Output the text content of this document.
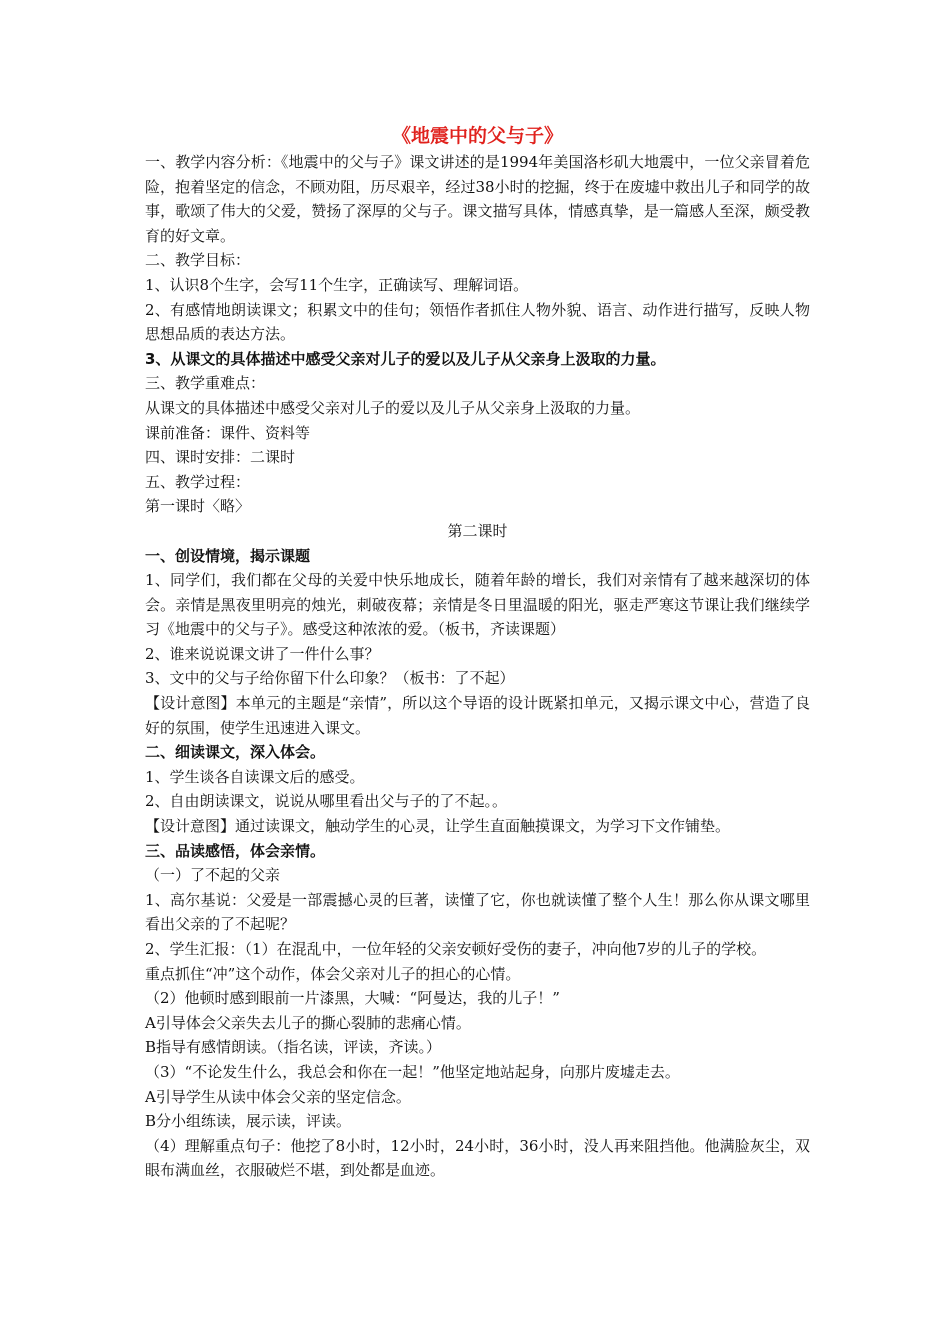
《地震中的父与子》

一、教学内容分析：《地震中的父与子》课文讲述的是1994年美国洛杉矶大地震中，一位父亲冒着危险，抱着坚定的信念，不顾劝阻，历尽艰辛，经过38小时的挖掘，终于在废墟中救出儿子和同学的故事，歌颂了伟大的父爱，赞扬了深厚的父与子。课文描写具体，情感真挚，是一篇感人至深，颇受教育的好文章。

二、教学目标：

1、认识8个生字，会写11个生字，正确读写、理解词语。

2、有感情地朗读课文；积累文中的佳句；领悟作者抓住人物外貌、语言、动作进行描写，反映人物思想品质的表达方法。

3、从课文的具体描述中感受父亲对儿子的爱以及儿子从父亲身上汲取的力量。

三、教学重难点：

从课文的具体描述中感受父亲对儿子的爱以及儿子从父亲身上汲取的力量。

课前准备：课件、资料等

四、课时安排：二课时

五、教学过程：

第一课时〈略〉

第二课时

一、创设情境，揭示课题

1、同学们，我们都在父母的关爱中快乐地成长，随着年龄的增长，我们对亲情有了越来越深切的体会。亲情是黑夜里明亮的烛光，刺破夜幕；亲情是冬日里温暖的阳光，驱走严寒这节课让我们继续学习《地震中的父与子》。感受这种浓浓的爱。（板书，齐读课题）

2、谁来说说课文讲了一件什么事？

3、文中的父与子给你留下什么印象？（板书：了不起）

【设计意图】本单元的主题是“亲情”，所以这个导语的设计既紧扣单元，又揭示课文中心，营造了良好的氛围，使学生迅速进入课文。

二、细读课文，深入体会。

1、学生谈各自读课文后的感受。

2、自由朗读课文，说说从哪里看出父与子的了不起。。

【设计意图】通过读课文，触动学生的心灵，让学生直面触摸课文，为学习下文作铺垫。

三、品读感悟，体会亲情。

（一）了不起的父亲

1、高尔基说：父爱是一部震撼心灵的巨著，读懂了它，你也就读懂了整个人生！那么你从课文哪里看出父亲的了不起呢？

2、学生汇报：（1）在混乱中，一位年轻的父亲安顿好受伤的妻子，冲向他7岁的儿子的学校。

重点抓住“冲”这个动作，体会父亲对儿子的担心的心情。

（2）他顿时感到眼前一片漆黑，大喊：“阿曼达，我的儿子！”

A引导体会父亲失去儿子的撕心裂肺的悲痛心情。

B指导有感情朗读。（指名读，评读，齐读。）

（3）“不论发生什么，我总会和你在一起！”他坚定地站起身，向那片废墟走去。

A引导学生从读中体会父亲的坚定信念。

B分小组练读，展示读，评读。

（4）理解重点句子：他挖了8小时，12小时，24小时，36小时，没人再来阻挡他。他满脸灰尘，双眼布满血丝，衣服破烂不堪，到处都是血迹。
